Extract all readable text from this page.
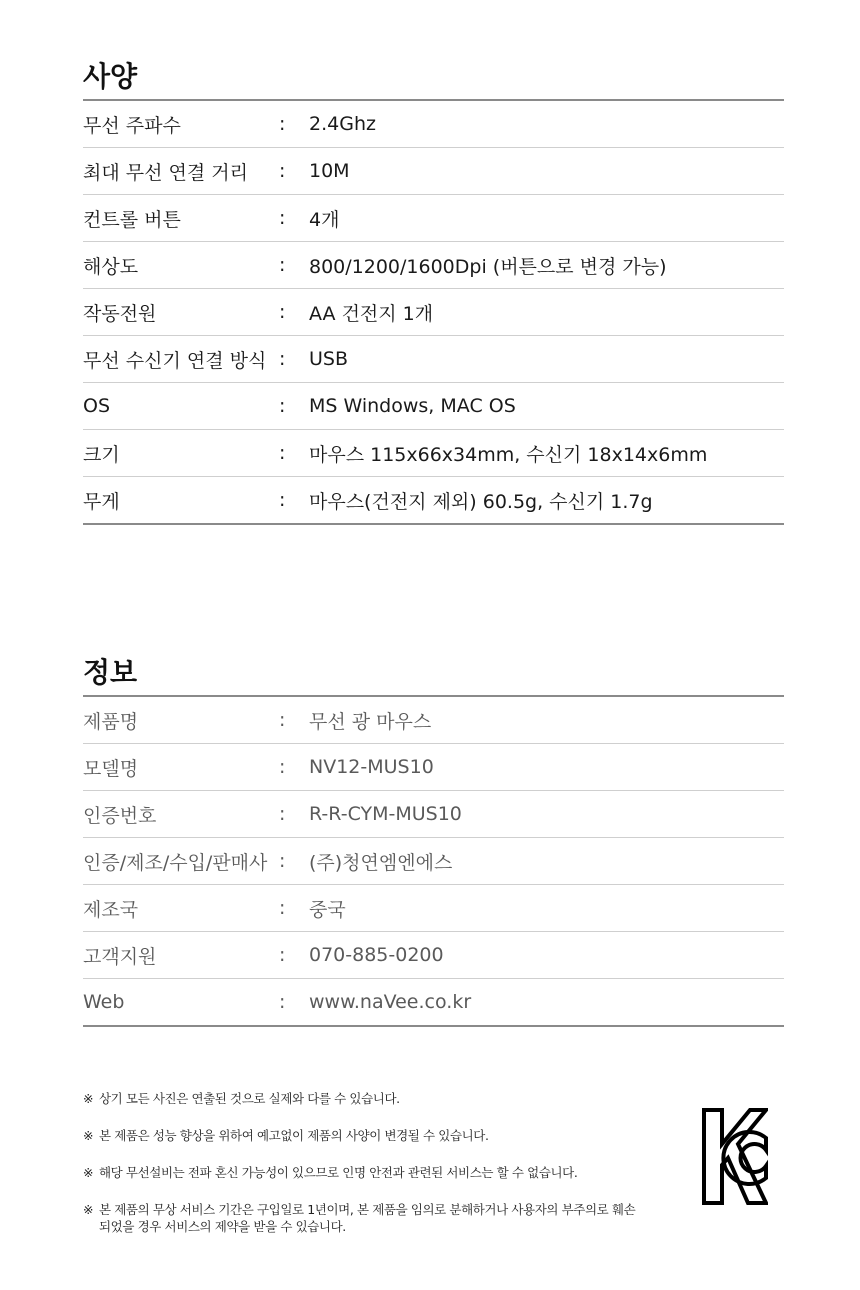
사양
무선 주파수	:	2.4Ghz
최대 무선 연결 거리	:	10M
컨트롤 버튼	:	4개
해상도	:	800/1200/1600Dpi (버튼으로 변경 가능)
작동전원	:	AA 건전지 1개
무선 수신기 연결 방식 :	USB
OS	:	MS Windows, MAC OS
크기	:	마우스 115x66x34mm, 수신기 18x14x6mm
무게	:	마우스(건전지 제외) 60.5g, 수신기 1.7g
정보
제품명	:	무선 광 마우스
모델명	:	NV12-MUS10
인증번호	:	R-R-CYM-MUS10
인증/제조/수입/판매사 :	(주)청연엠엔에스
제조국	:	중국
고객지원	:	070-885-0200
Web	:	www.naVee.co.kr
※ 상기 모든 사진은 연출된 것으로 실제와 다를 수 있습니다.
※ 본 제품은 성능 향상을 위하여 예고없이 제품의 사양이 변경될 수 있습니다.
※ 해당 무선설비는 전파 혼신 가능성이 있으므로 인명 안전과 관련된 서비스는 할 수 없습니다.
※ 본 제품의 무상 서비스 기간은 구입일로 1년이며, 본 제품을 임의로 분해하거나 사용자의 부주의로 훼손되었을 경우 서비스의 제약을 받을 수 있습니다.
